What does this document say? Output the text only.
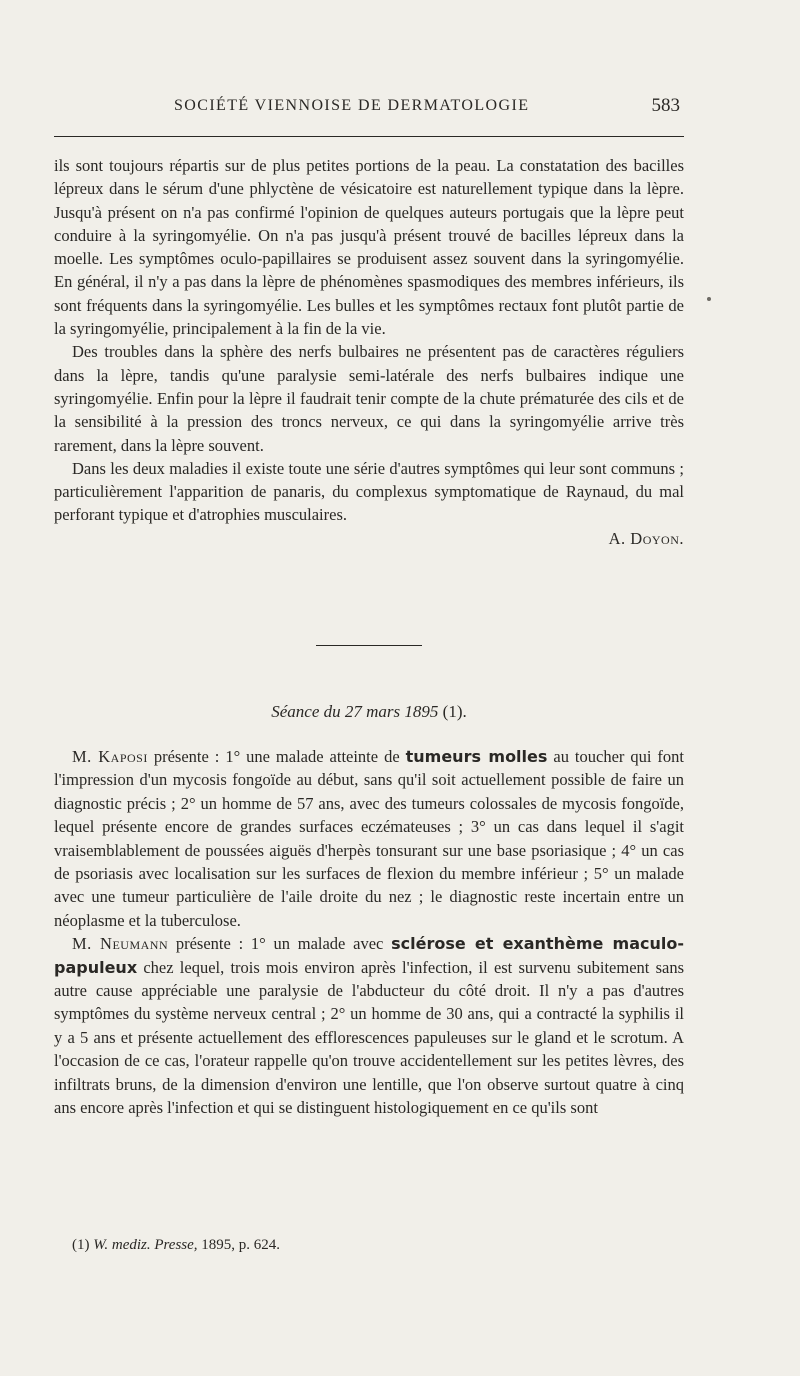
SOCIÉTÉ VIENNOISE DE DERMATOLOGIE	583

ils sont toujours répartis sur de plus petites portions de la peau. La constatation des bacilles lépreux dans le sérum d'une phlyctène de vésicatoire est naturellement typique dans la lèpre. Jusqu'à présent on n'a pas confirmé l'opinion de quelques auteurs portugais que la lèpre peut conduire à la syringomyélie. On n'a pas jusqu'à présent trouvé de bacilles lépreux dans la moelle. Les symptômes oculo-papillaires se produisent assez souvent dans la syringomyélie. En général, il n'y a pas dans la lèpre de phénomènes spasmodiques des membres inférieurs, ils sont fréquents dans la syringomyélie. Les bulles et les symptômes rectaux font plutôt partie de la syringomyélie, principalement à la fin de la vie.

Des troubles dans la sphère des nerfs bulbaires ne présentent pas de caractères réguliers dans la lèpre, tandis qu'une paralysie semi-latérale des nerfs bulbaires indique une syringomyélie. Enfin pour la lèpre il faudrait tenir compte de la chute prématurée des cils et de la sensibilité à la pression des troncs nerveux, ce qui dans la syringomyélie arrive très rarement, dans la lèpre souvent.

Dans les deux maladies il existe toute une série d'autres symptômes qui leur sont communs ; particulièrement l'apparition de panaris, du complexus symptomatique de Raynaud, du mal perforant typique et d'atrophies musculaires.

A. Doyon.
Séance du 27 mars 1895 (1).

M. Kaposi présente : 1° une malade atteinte de tumeurs molles au toucher qui font l'impression d'un mycosis fongoïde au début, sans qu'il soit actuellement possible de faire un diagnostic précis ; 2° un homme de 57 ans, avec des tumeurs colossales de mycosis fongoïde, lequel présente encore de grandes surfaces eczémateuses ; 3° un cas dans lequel il s'agit vraisemblablement de poussées aiguës d'herpès tonsurant sur une base psoriasique ; 4° un cas de psoriasis avec localisation sur les surfaces de flexion du membre inférieur ; 5° un malade avec une tumeur particulière de l'aile droite du nez ; le diagnostic reste incertain entre un néoplasme et la tuberculose.

M. Neumann présente : 1° un malade avec sclérose et exanthème maculo-papuleux chez lequel, trois mois environ après l'infection, il est survenu subitement sans autre cause appréciable une paralysie de l'abducteur du côté droit. Il n'y a pas d'autres symptômes du système nerveux central ; 2° un homme de 30 ans, qui a contracté la syphilis il y a 5 ans et présente actuellement des efflorescences papuleuses sur le gland et le scrotum. A l'occasion de ce cas, l'orateur rappelle qu'on trouve accidentellement sur les petites lèvres, des infiltrats bruns, de la dimension d'environ une lentille, que l'on observe surtout quatre à cinq ans encore après l'infection et qui se distinguent histologiquement en ce qu'ils sont

(1) W. mediz. Presse, 1895, p. 624.
